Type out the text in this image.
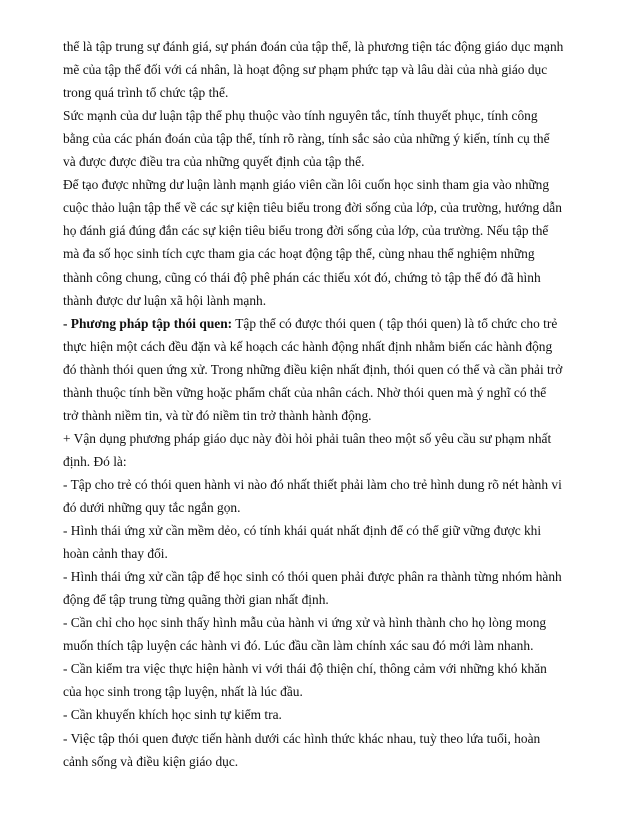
thể là tập trung sự đánh giá, sự phán đoán của tập thể, là phương tiện tác động giáo dục mạnh
mẽ của tập thể đối với cá nhân, là hoạt động sư phạm phức tạp và lâu dài của nhà giáo dục
trong quá trình tổ chức tập thể.
Sức mạnh của dư luận tập thể phụ thuộc vào tính nguyên tắc, tính thuyết phục, tính công
bằng của các phán đoán của tập thể, tính rõ ràng, tính sắc sảo của những ý kiến, tính cụ thể
và được được điều tra của những quyết định của tập thể.
Để tạo được những dư luận lành mạnh giáo viên cần lôi cuốn học sinh tham gia vào những
cuộc thảo luận tập thể về các sự kiện tiêu biểu trong đời sống của lớp, của trường, hướng dẫn
họ đánh giá đúng đắn các sự kiện tiêu biểu trong đời sống của lớp, của trường. Nếu tập thể
mà đa số học sinh tích cực tham gia các hoạt động tập thể, cùng nhau thể nghiệm những
thành công chung, cũng có thái độ phê phán các thiếu xót đó, chứng tỏ tập thể đó đã hình
thành được dư luận xã hội lành mạnh.
- Phương pháp tập thói quen: Tập thể có được thói quen ( tập thói quen) là tổ chức cho trẻ
thực hiện một cách đều đặn và kế hoạch các hành động nhất định nhằm biến các hành động
đó thành thói quen ứng xử. Trong những điều kiện nhất định, thói quen có thể và cần phải trở
thành thuộc tính bền vững hoặc phẩm chất của nhân cách. Nhờ thói quen mà ý nghĩ có thể
trở thành niềm tin, và từ đó niềm tin trở thành hành động.
+ Vận dụng phương pháp giáo dục này đòi hỏi phải tuân theo một số yêu cầu sư phạm nhất
định. Đó là:
- Tập cho trẻ có thói quen hành vi nào đó nhất thiết phải làm cho trẻ hình dung rõ nét hành vi
đó dưới những quy tắc ngắn gọn.
- Hình thái ứng xử cần mềm dẻo, có tính khái quát nhất định để có thể giữ vững được khi
hoàn cảnh thay đổi.
- Hình thái ứng xử cần tập để học sinh có thói quen phải được phân ra thành từng nhóm hành
động để tập trung từng quãng thời gian nhất định.
- Cần chỉ cho học sinh thấy hình mẫu của hành vi ứng xử và hình thành cho họ lòng mong
muốn thích tập luyện các hành vi đó. Lúc đầu cần làm chính xác sau đó mới làm nhanh.
- Cần kiểm tra việc thực hiện hành vi với thái độ thiện chí, thông cảm với những khó khăn
của học sinh trong tập luyện, nhất là lúc đầu.
- Cần khuyến khích học sinh tự kiểm tra.
- Việc tập thói quen được tiến hành dưới các hình thức khác nhau, tuỳ theo lứa tuổi, hoàn
cảnh sống và điều kiện giáo dục.
